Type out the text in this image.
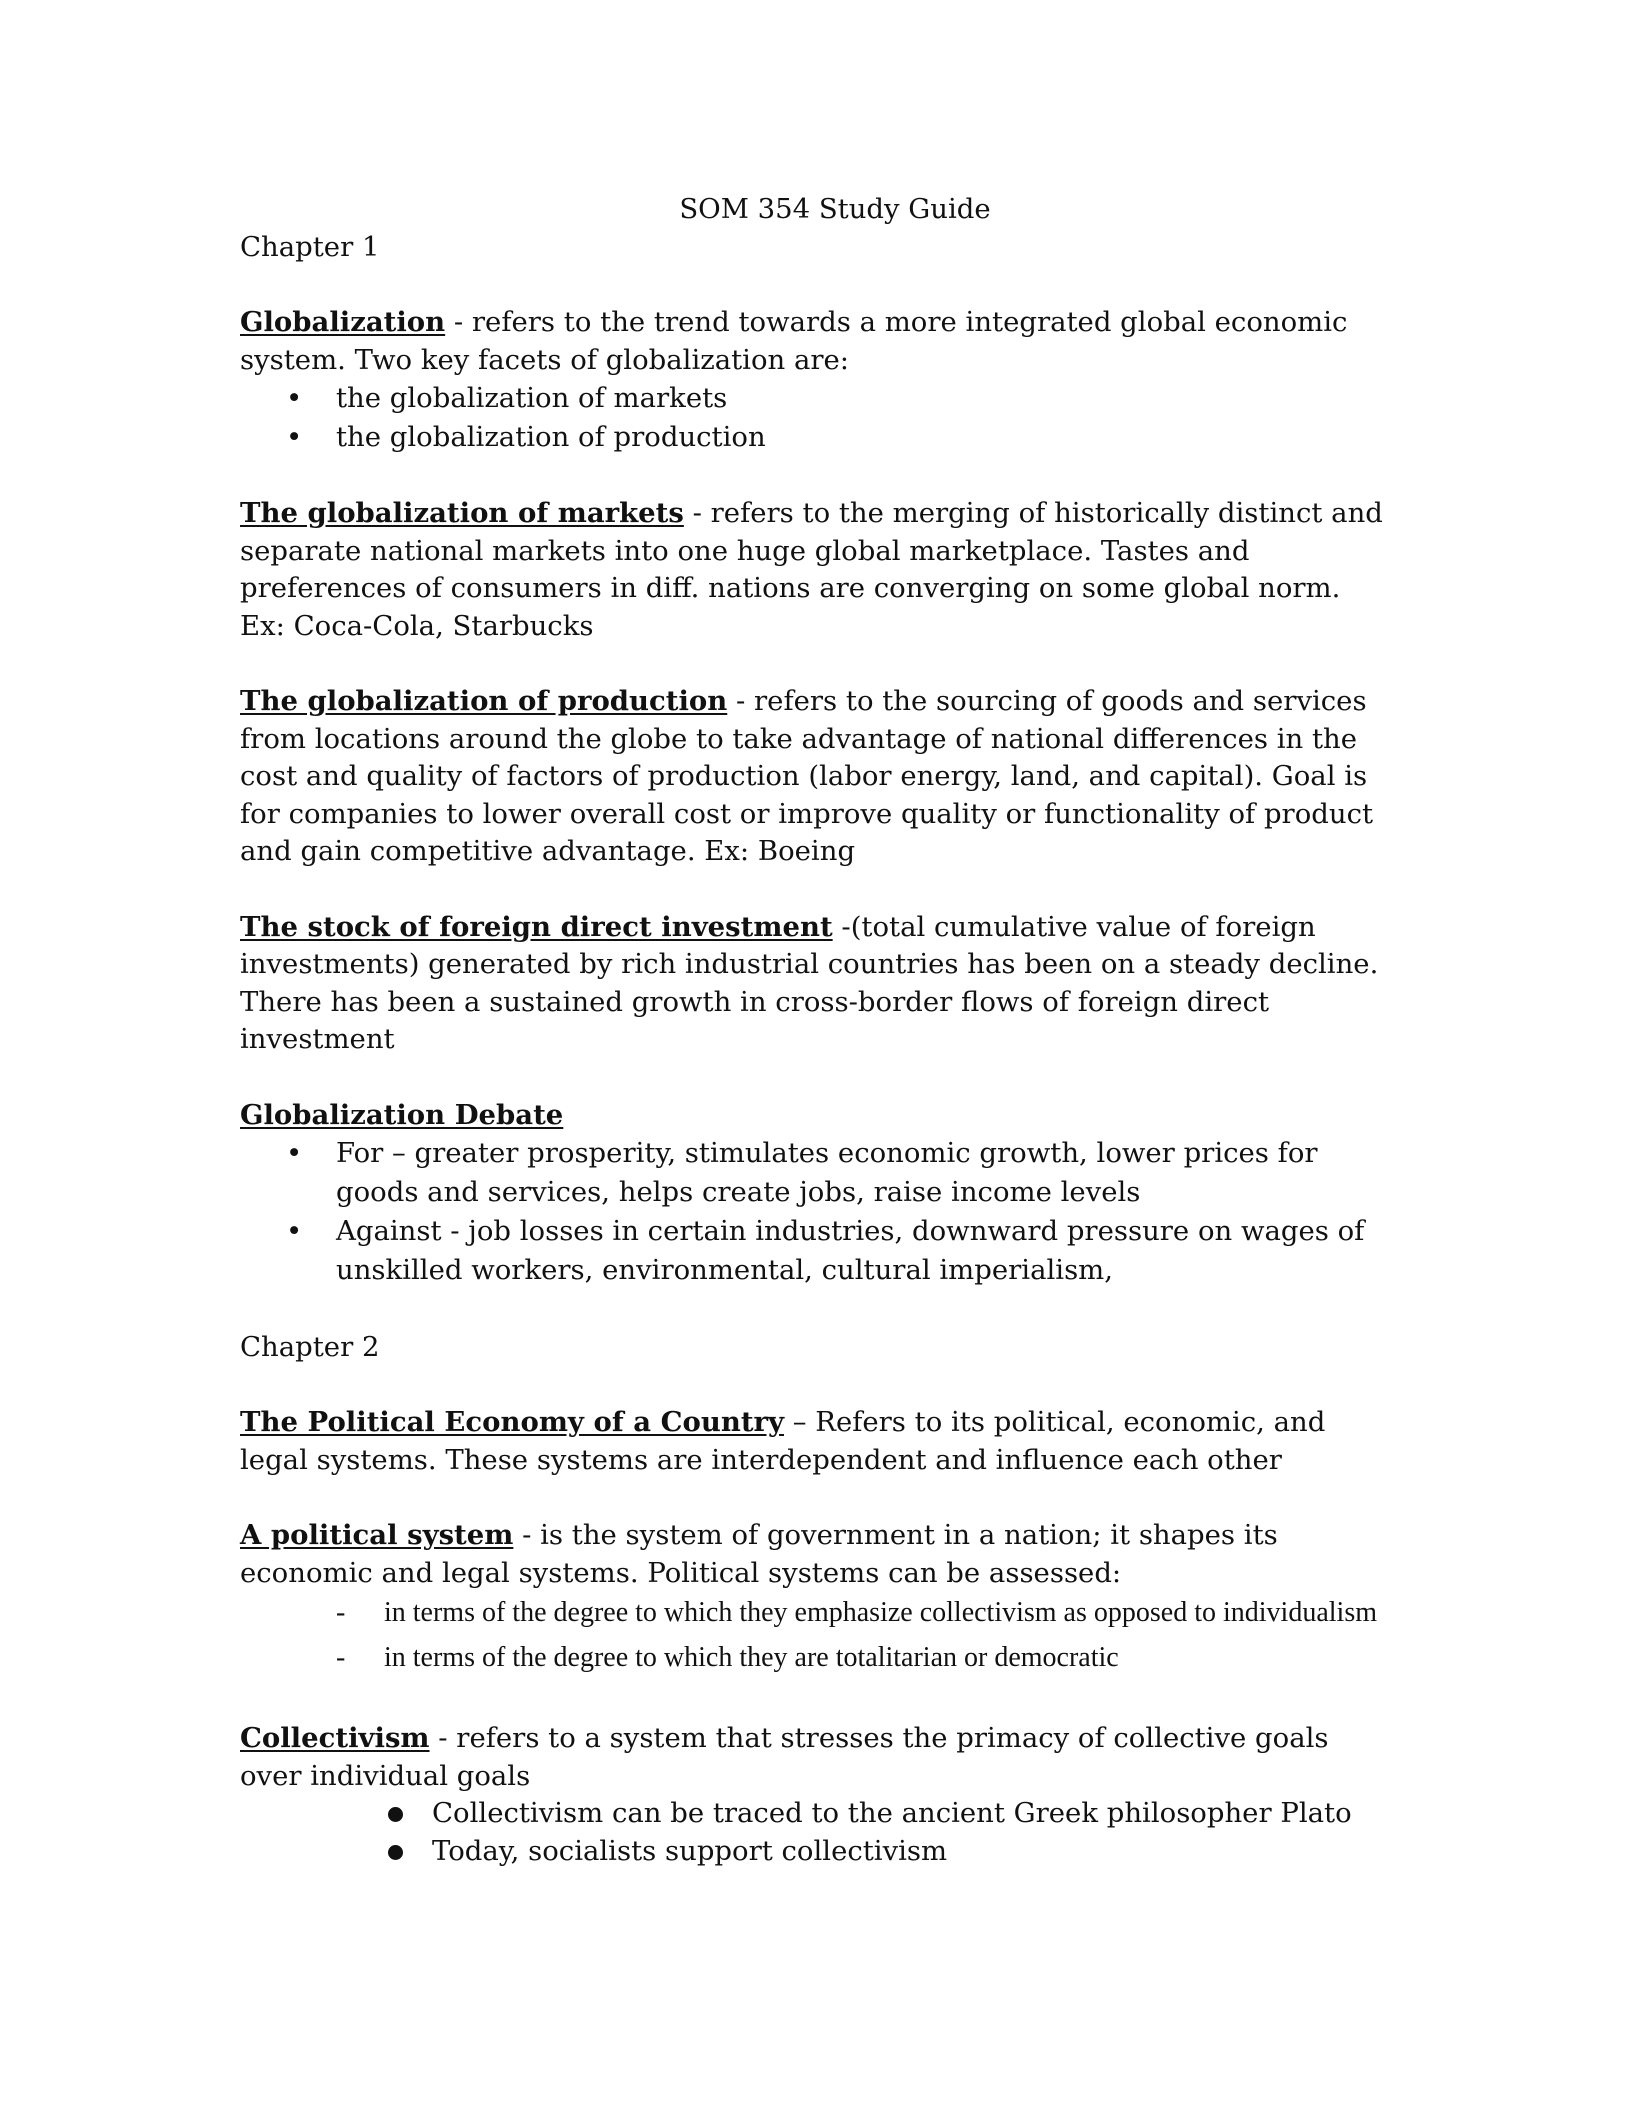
SOM 354 Study Guide

Chapter 1

Globalization - refers to the trend towards a more integrated global economic system. Two key facets of globalization are:

• the globalization of markets
• the globalization of production

The globalization of markets - refers to the merging of historically distinct and separate national markets into one huge global marketplace. Tastes and preferences of consumers in diff. nations are converging on some global norm. Ex: Coca-Cola, Starbucks

The globalization of production - refers to the sourcing of goods and services from locations around the globe to take advantage of national differences in the cost and quality of factors of production (labor energy, land, and capital). Goal is for companies to lower overall cost or improve quality or functionality of product and gain competitive advantage. Ex: Boeing

The stock of foreign direct investment -(total cumulative value of foreign investments) generated by rich industrial countries has been on a steady decline. There has been a sustained growth in cross-border flows of foreign direct investment

Globalization Debate

• For – greater prosperity, stimulates economic growth, lower prices for goods and services, helps create jobs, raise income levels
• Against - job losses in certain industries, downward pressure on wages of unskilled workers, environmental, cultural imperialism,

Chapter 2

The Political Economy of a Country – Refers to its political, economic, and legal systems. These systems are interdependent and influence each other

A political system - is the system of government in a nation; it shapes its economic and legal systems. Political systems can be assessed:

- in terms of the degree to which they emphasize collectivism as opposed to individualism
- in terms of the degree to which they are totalitarian or democratic

Collectivism - refers to a system that stresses the primacy of collective goals over individual goals

Collectivism can be traced to the ancient Greek philosopher Plato
Today, socialists support collectivism
